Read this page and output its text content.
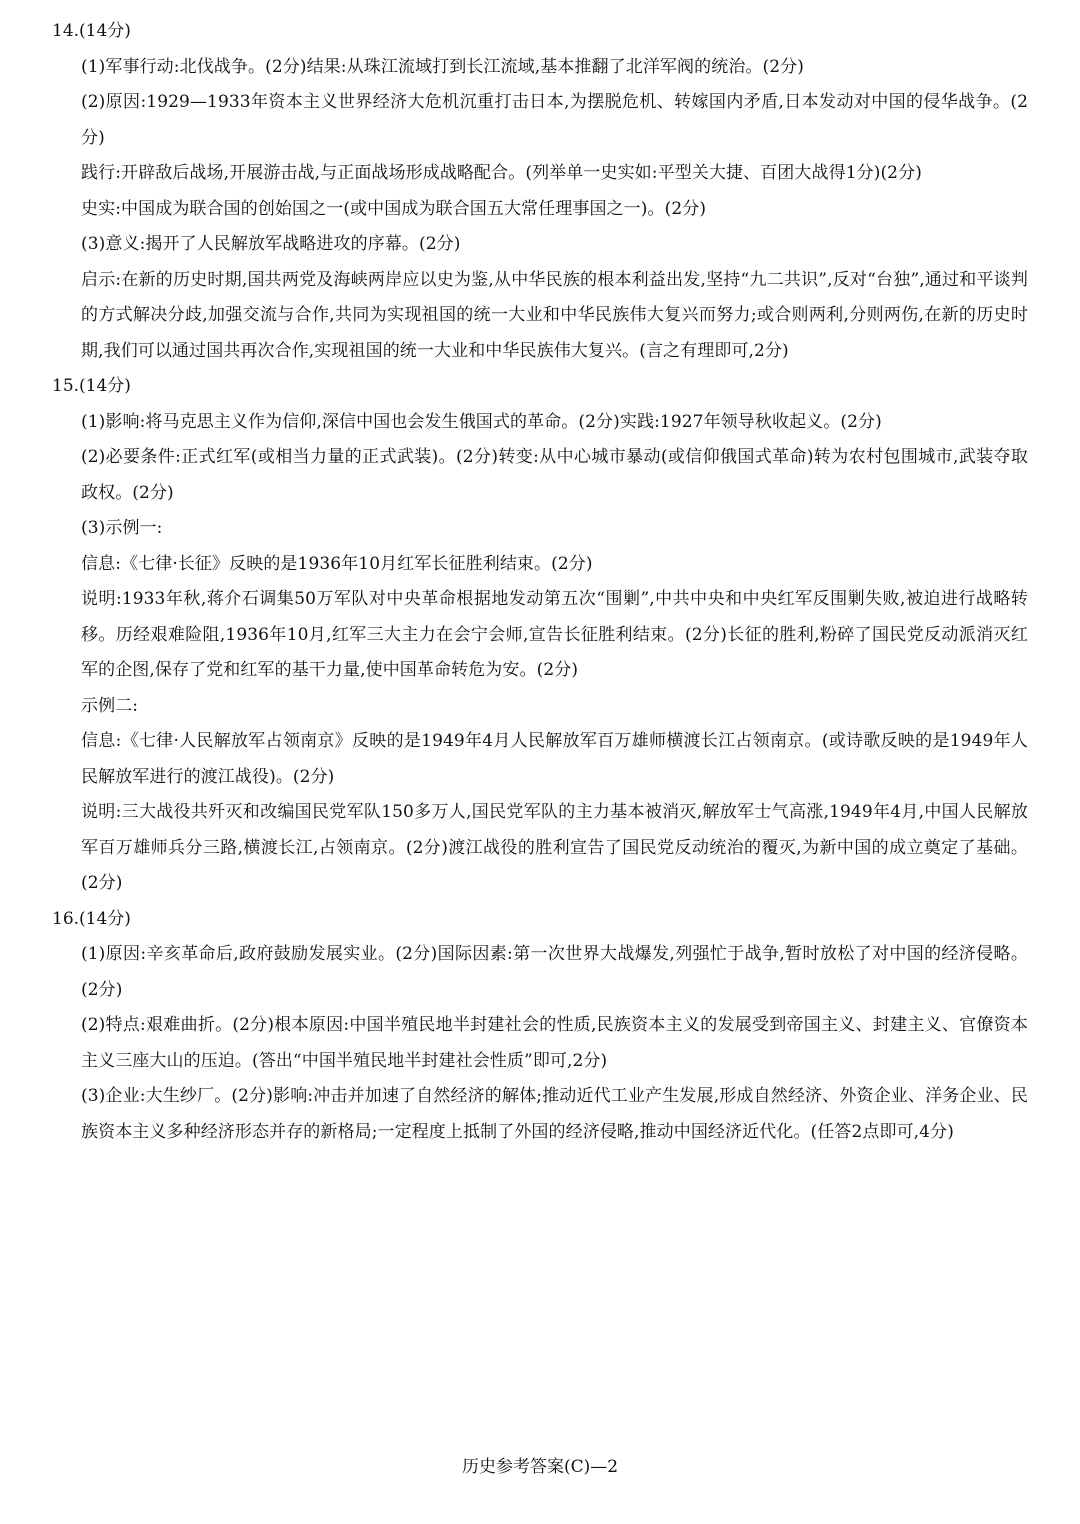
14.(14分)

(1)军事行动:北伐战争。(2分)结果:从珠江流域打到长江流域,基本推翻了北洋军阀的统治。(2分)

(2)原因:1929—1933年资本主义世界经济大危机沉重打击日本,为摆脱危机、转嫁国内矛盾,日本发动对中国的侵华战争。(2分)

践行:开辟敌后战场,开展游击战,与正面战场形成战略配合。(列举单一史实如:平型关大捷、百团大战得1分)(2分)

史实:中国成为联合国的创始国之一(或中国成为联合国五大常任理事国之一)。(2分)

(3)意义:揭开了人民解放军战略进攻的序幕。(2分)

启示:在新的历史时期,国共两党及海峡两岸应以史为鉴,从中华民族的根本利益出发,坚持“九二共识”,反对“台独”,通过和平谈判的方式解决分歧,加强交流与合作,共同为实现祖国的统一大业和中华民族伟大复兴而努力;或合则两利,分则两伤,在新的历史时期,我们可以通过国共再次合作,实现祖国的统一大业和中华民族伟大复兴。(言之有理即可,2分)

15.(14分)

(1)影响:将马克思主义作为信仰,深信中国也会发生俄国式的革命。(2分)实践:1927年领导秋收起义。(2分)

(2)必要条件:正式红军(或相当力量的正式武装)。(2分)转变:从中心城市暴动(或信仰俄国式革命)转为农村包围城市,武装夺取政权。(2分)

(3)示例一:

信息:《七律·长征》反映的是1936年10月红军长征胜利结束。(2分)

说明:1933年秋,蒋介石调集50万军队对中央革命根据地发动第五次“围剿”,中共中央和中央红军反围剿失败,被迫进行战略转移。历经艰难险阻,1936年10月,红军三大主力在会宁会师,宣告长征胜利结束。(2分)长征的胜利,粉碎了国民党反动派消灭红军的企图,保存了党和红军的基干力量,使中国革命转危为安。(2分)

示例二:

信息:《七律·人民解放军占领南京》反映的是1949年4月人民解放军百万雄师横渡长江占领南京。(或诗歌反映的是1949年人民解放军进行的渡江战役)。(2分)

说明:三大战役共歼灭和改编国民党军队150多万人,国民党军队的主力基本被消灭,解放军士气高涨,1949年4月,中国人民解放军百万雄师兵分三路,横渡长江,占领南京。(2分)渡江战役的胜利宣告了国民党反动统治的覆灭,为新中国的成立奠定了基础。(2分)

16.(14分)

(1)原因:辛亥革命后,政府鼓励发展实业。(2分)国际因素:第一次世界大战爆发,列强忙于战争,暂时放松了对中国的经济侵略。(2分)

(2)特点:艰难曲折。(2分)根本原因:中国半殖民地半封建社会的性质,民族资本主义的发展受到帝国主义、封建主义、官僚资本主义三座大山的压迫。(答出“中国半殖民地半封建社会性质”即可,2分)

(3)企业:大生纱厂。(2分)影响:冲击并加速了自然经济的解体;推动近代工业产生发展,形成自然经济、外资企业、洋务企业、民族资本主义多种经济形态并存的新格局;一定程度上抵制了外国的经济侵略,推动中国经济近代化。(任答2点即可,4分)

历史参考答案(C)—2
